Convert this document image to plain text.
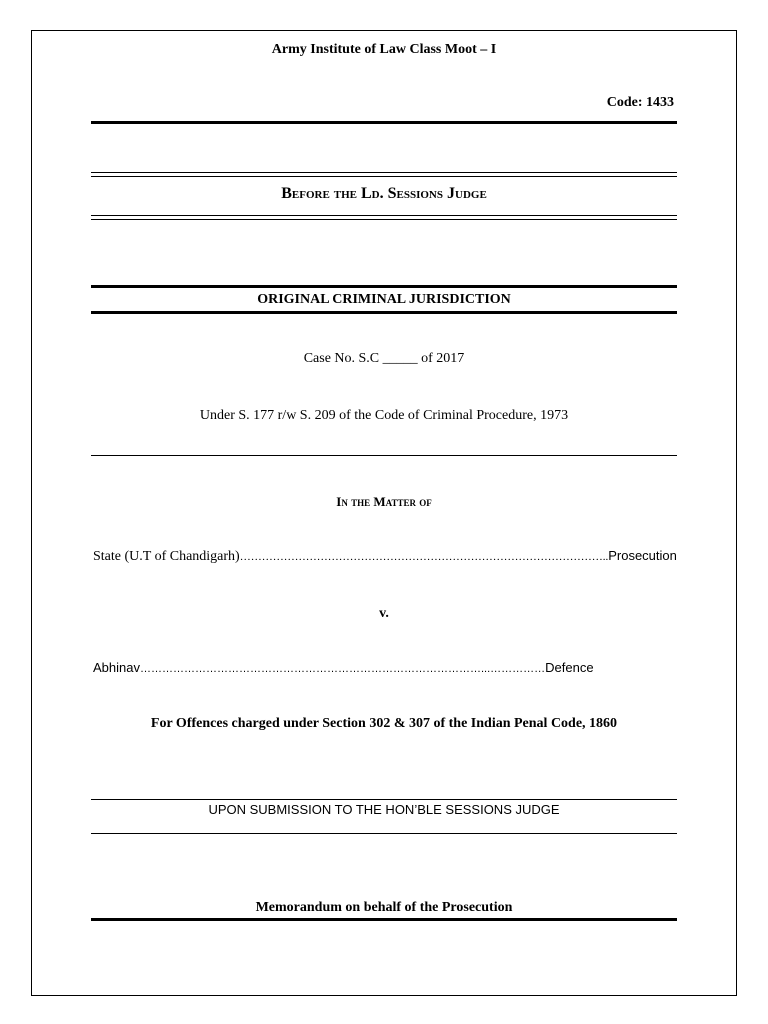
Army Institute of Law Class Moot – I
Code: 1433
Before the Ld. Sessions Judge
ORIGINAL CRIMINAL JURISDICTION
Case No. S.C _____ of 2017
Under S. 177 r/w S. 209 of the Code of Criminal Procedure, 1973
In the Matter of
State (U.T of Chandigarh)………………………………………………………………………………………..Prosecution
v.
Abhinav…………………………………………………………………………………...……………Defence
For Offences charged under Section 302 & 307 of the Indian Penal Code, 1860
UPON SUBMISSION TO THE HON’BLE SESSIONS JUDGE
Memorandum on behalf of the Prosecution
